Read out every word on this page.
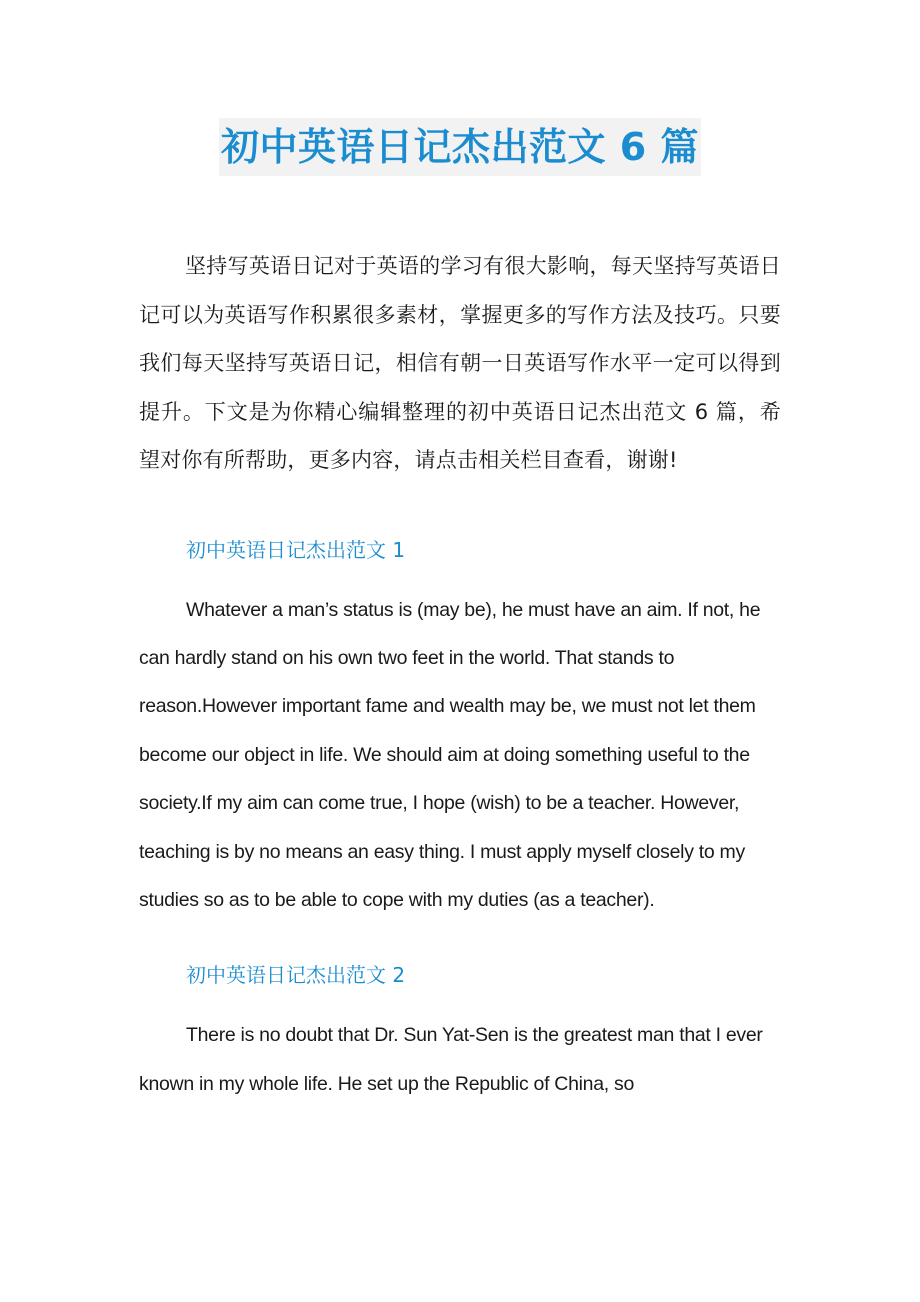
初中英语日记杰出范文 6 篇

坚持写英语日记对于英语的学习有很大影响，每天坚持写英语日记可以为英语写作积累很多素材，掌握更多的写作方法及技巧。只要我们每天坚持写英语日记，相信有朝一日英语写作水平一定可以得到提升。下文是为你精心编辑整理的初中英语日记杰出范文 6 篇，希望对你有所帮助，更多内容，请点击相关栏目查看，谢谢!

初中英语日记杰出范文 1

Whatever a man’s status is (may be), he must have an aim. If not, he can hardly stand on his own two feet in the world. That stands to reason.However important fame and wealth may be, we must not let them become our object in life. We should aim at doing something useful to the society.If my aim can come true, I hope (wish) to be a teacher. However, teaching is by no means an easy thing. I must apply myself closely to my studies so as to be able to cope with my duties (as a teacher).

初中英语日记杰出范文 2

There is no doubt that Dr. Sun Yat-Sen is the greatest man that I ever known in my whole life. He set up the Republic of China, so
